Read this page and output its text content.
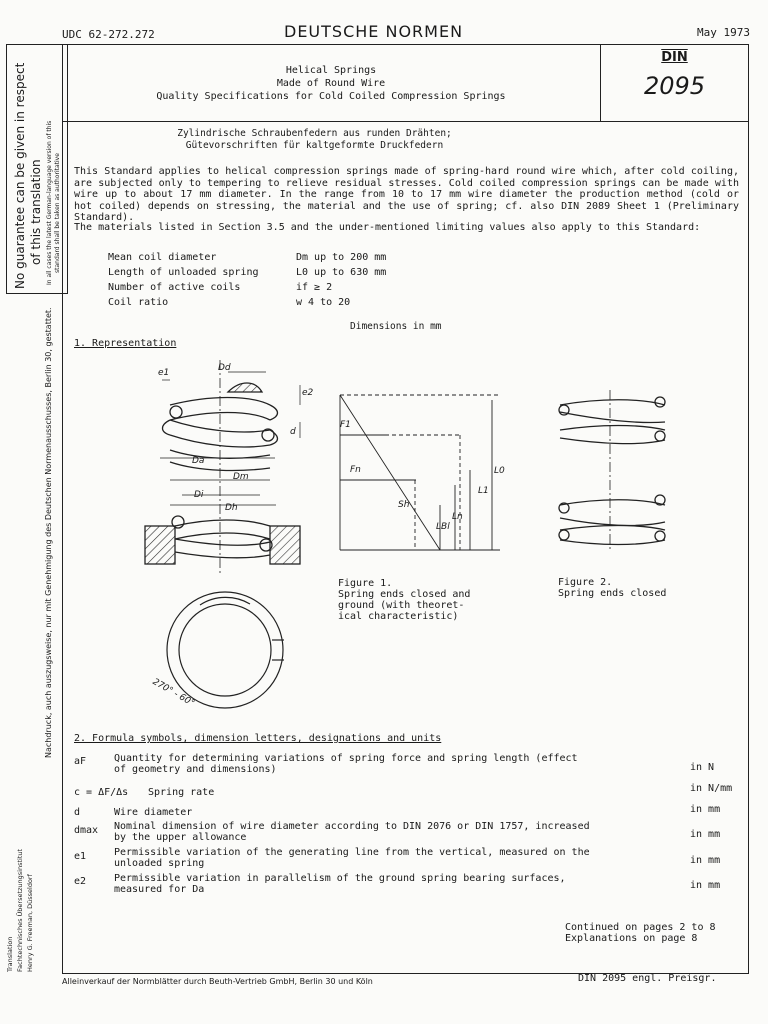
UDC 62-272.272	DEUTSCHE NORMEN	May 1973
Helical Springs
Made of Round Wire
Quality Specifications for Cold Coiled Compression Springs
DIN
2095
No guarantee can be given in respect of this translation In all cases the latest German-language version of this standard shall be taken as authoritative
Nachdruck, auch auszugsweise, nur mit Genehmigung des Deutschen Normenausschusses, Berlin 30, gestattet.
Translation Fachtechnisches Übersetzungsinstitut Henry G. Freeman, Düsseldorf
Zylindrische Schraubenfedern aus runden Drähten;
Gütevorschriften für kaltgeformte Druckfedern
This Standard applies to helical compression springs made of spring-hard round wire which, after cold coiling, are subjected only to tempering to relieve residual stresses. Cold coiled compression springs can be made with wire up to about 17 mm diameter. In the range from 10 to 17 mm wire diameter the production method (cold or hot coiled) depends on stressing, the material and the use of spring; cf. also DIN 2089 Sheet 1 (Preliminary Standard).
The materials listed in Section 3.5 and the under-mentioned limiting values also apply to this Standard:
Mean coil diameter	Dm up to 200 mm
Length of unloaded spring	L0 up to 630 mm
Number of active coils	if ≥ 2
Coil ratio	w 4 to 20
Dimensions in mm
1. Representation
e1	Dd
e2
d
Da
Dm
Di
Dh
F1
Fn
Sh
LBl
Ln
L1
L0
270° - 60°
Figure 1.
Spring ends closed and
ground (with theoret-
ical characteristic)
Figure 2.
Spring ends closed
2. Formula symbols, dimension letters, designations and units
aF	Quantity for determining variations of spring force and spring length (effect
of geometry and dimensions)	in N
c = ΔF/Δs Spring rate	in N/mm
d	Wire diameter	in mm
dmax Nominal dimension of wire diameter according to DIN 2076 or DIN 1757, increased
by the upper allowance	in mm
e1	Permissible variation of the generating line from the vertical, measured on the
unloaded spring	in mm
e2	Permissible variation in parallelism of the ground spring bearing surfaces,
measured for Da	in mm
Continued on pages 2 to 8
Explanations on page 8
Alleinverkauf der Normblätter durch Beuth-Vertrieb GmbH, Berlin 30 und Köln	DIN 2095 engl. Preisgr.
